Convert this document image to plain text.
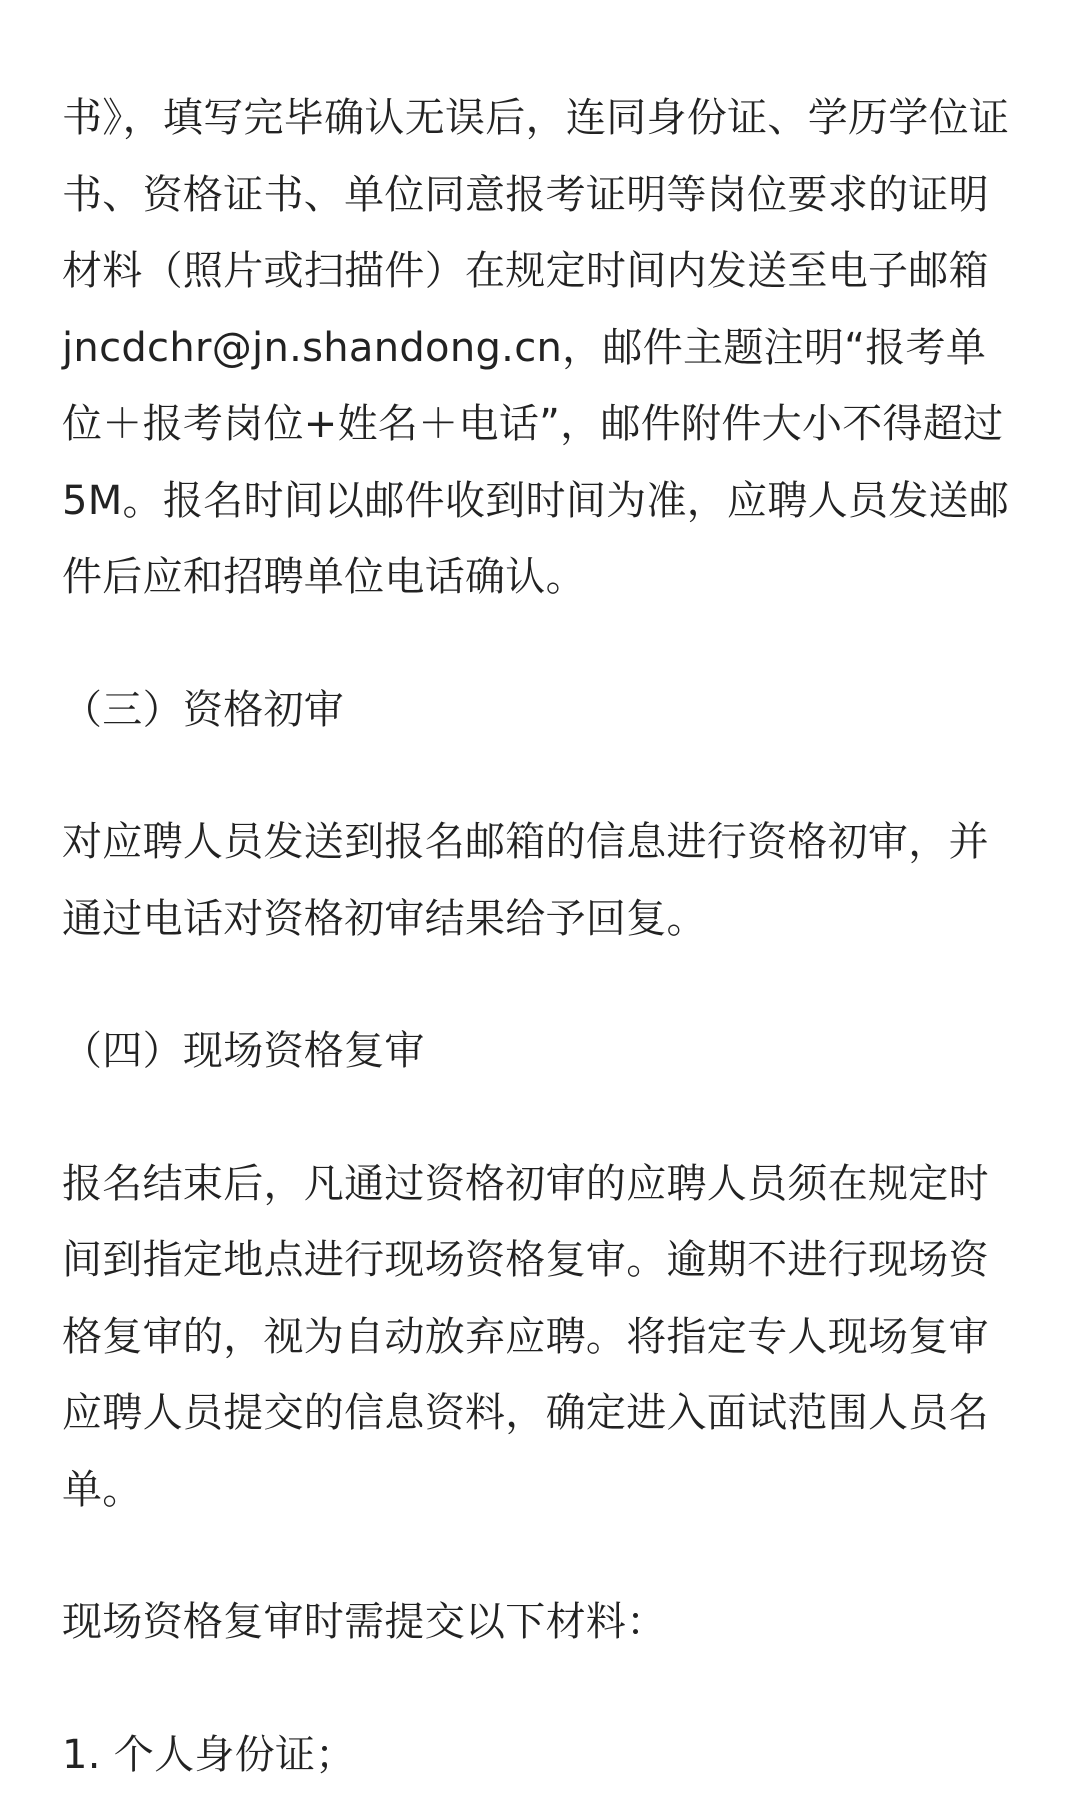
书》，填写完毕确认无误后，连同身份证、学历学位证书、资格证书、单位同意报考证明等岗位要求的证明材料（照片或扫描件）在规定时间内发送至电子邮箱jncdchr@jn.shandong.cn，邮件主题注明“报考单位＋报考岗位+姓名＋电话”，邮件附件大小不得超过5M。报名时间以邮件收到时间为准，应聘人员发送邮件后应和招聘单位电话确认。

（三）资格初审

对应聘人员发送到报名邮箱的信息进行资格初审，并通过电话对资格初审结果给予回复。

（四）现场资格复审

报名结束后，凡通过资格初审的应聘人员须在规定时间到指定地点进行现场资格复审。逾期不进行现场资格复审的，视为自动放弃应聘。将指定专人现场复审应聘人员提交的信息资料，确定进入面试范围人员名单。

现场资格复审时需提交以下材料：

1. 个人身份证；
